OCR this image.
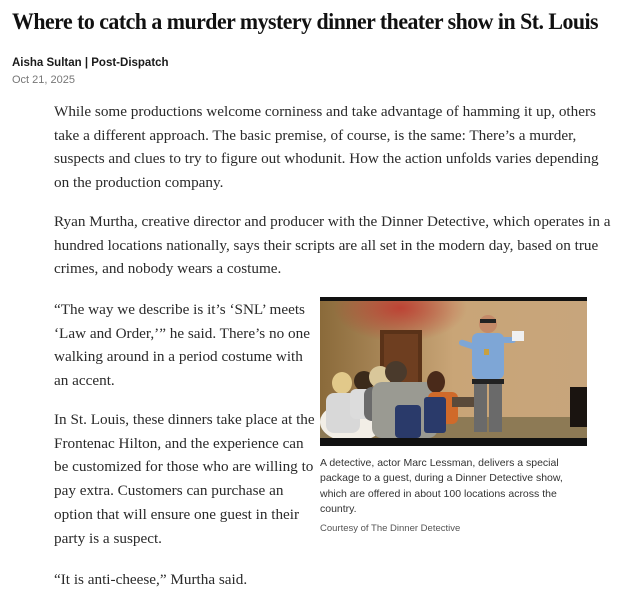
Where to catch a murder mystery dinner theater show in St. Louis
Aisha Sultan | Post-Dispatch
Oct 21, 2025

While some productions welcome corniness and take advantage of hamming it up, others take a different approach. The basic premise, of course, is the same: There’s a murder, suspects and clues to try to figure out whodunit. How the action unfolds varies depending on the production company.

Ryan Murtha, creative director and producer with the Dinner Detective, which operates in a hundred locations nationally, says their scripts are all set in the modern day, based on true crimes, and nobody wears a costume.

“The way we describe is it’s ‘SNL’ meets ‘Law and Order,’” he said. There’s no one walking around in a period costume with an accent.

In St. Louis, these dinners take place at the Frontenac Hilton, and the experience can be customized for those who are willing to pay extra. Customers can purchase an option that will ensure one guest in their party is a suspect.

“It is anti-cheese,” Murtha said.

A detective, actor Marc Lessman, delivers a special package to a guest, during a Dinner Detective show, which are offered in about 100 locations across the country.
Courtesy of The Dinner Detective
